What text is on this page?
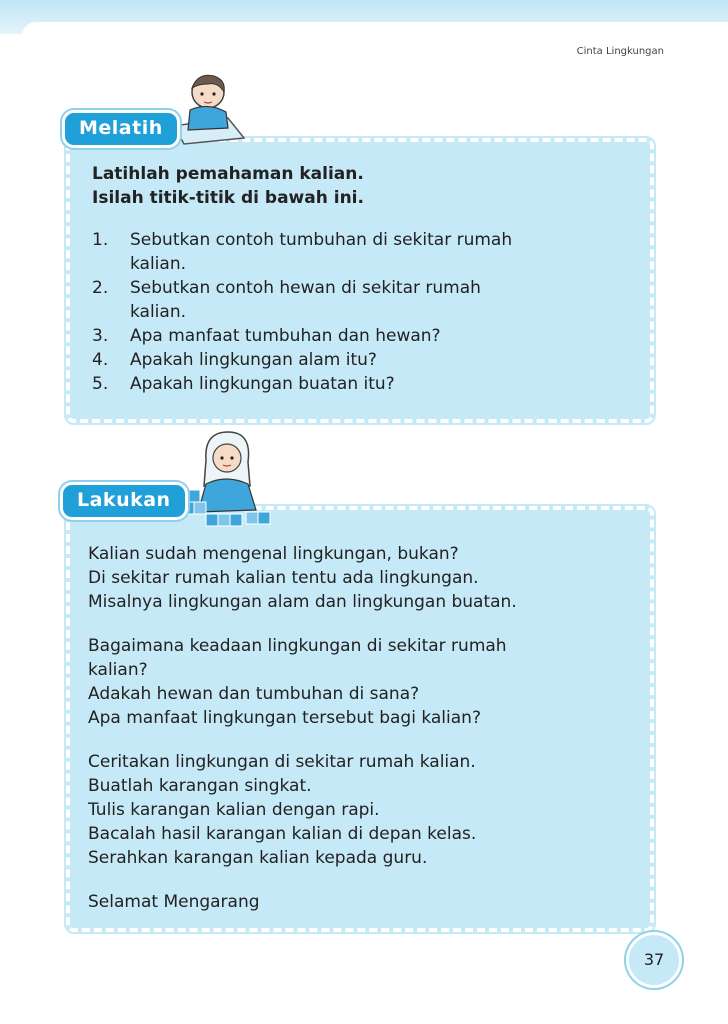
Cinta Lingkungan
Melatih
Latihlah pemahaman kalian.
Isilah titik-titik di bawah ini.
1. Sebutkan contoh tumbuhan di sekitar rumah
kalian.
2. Sebutkan contoh hewan di sekitar rumah
kalian.
3. Apa manfaat tumbuhan dan hewan?
4. Apakah lingkungan alam itu?
5. Apakah lingkungan buatan itu?
Lakukan
Kalian sudah mengenal lingkungan, bukan?
Di sekitar rumah kalian tentu ada lingkungan.
Misalnya lingkungan alam dan lingkungan buatan.
Bagaimana keadaan lingkungan di sekitar rumah
kalian?
Adakah hewan dan tumbuhan di sana?
Apa manfaat lingkungan tersebut bagi kalian?
Ceritakan lingkungan di sekitar rumah kalian.
Buatlah karangan singkat.
Tulis karangan kalian dengan rapi.
Bacalah hasil karangan kalian di depan kelas.
Serahkan karangan kalian kepada guru.
Selamat Mengarang
37
